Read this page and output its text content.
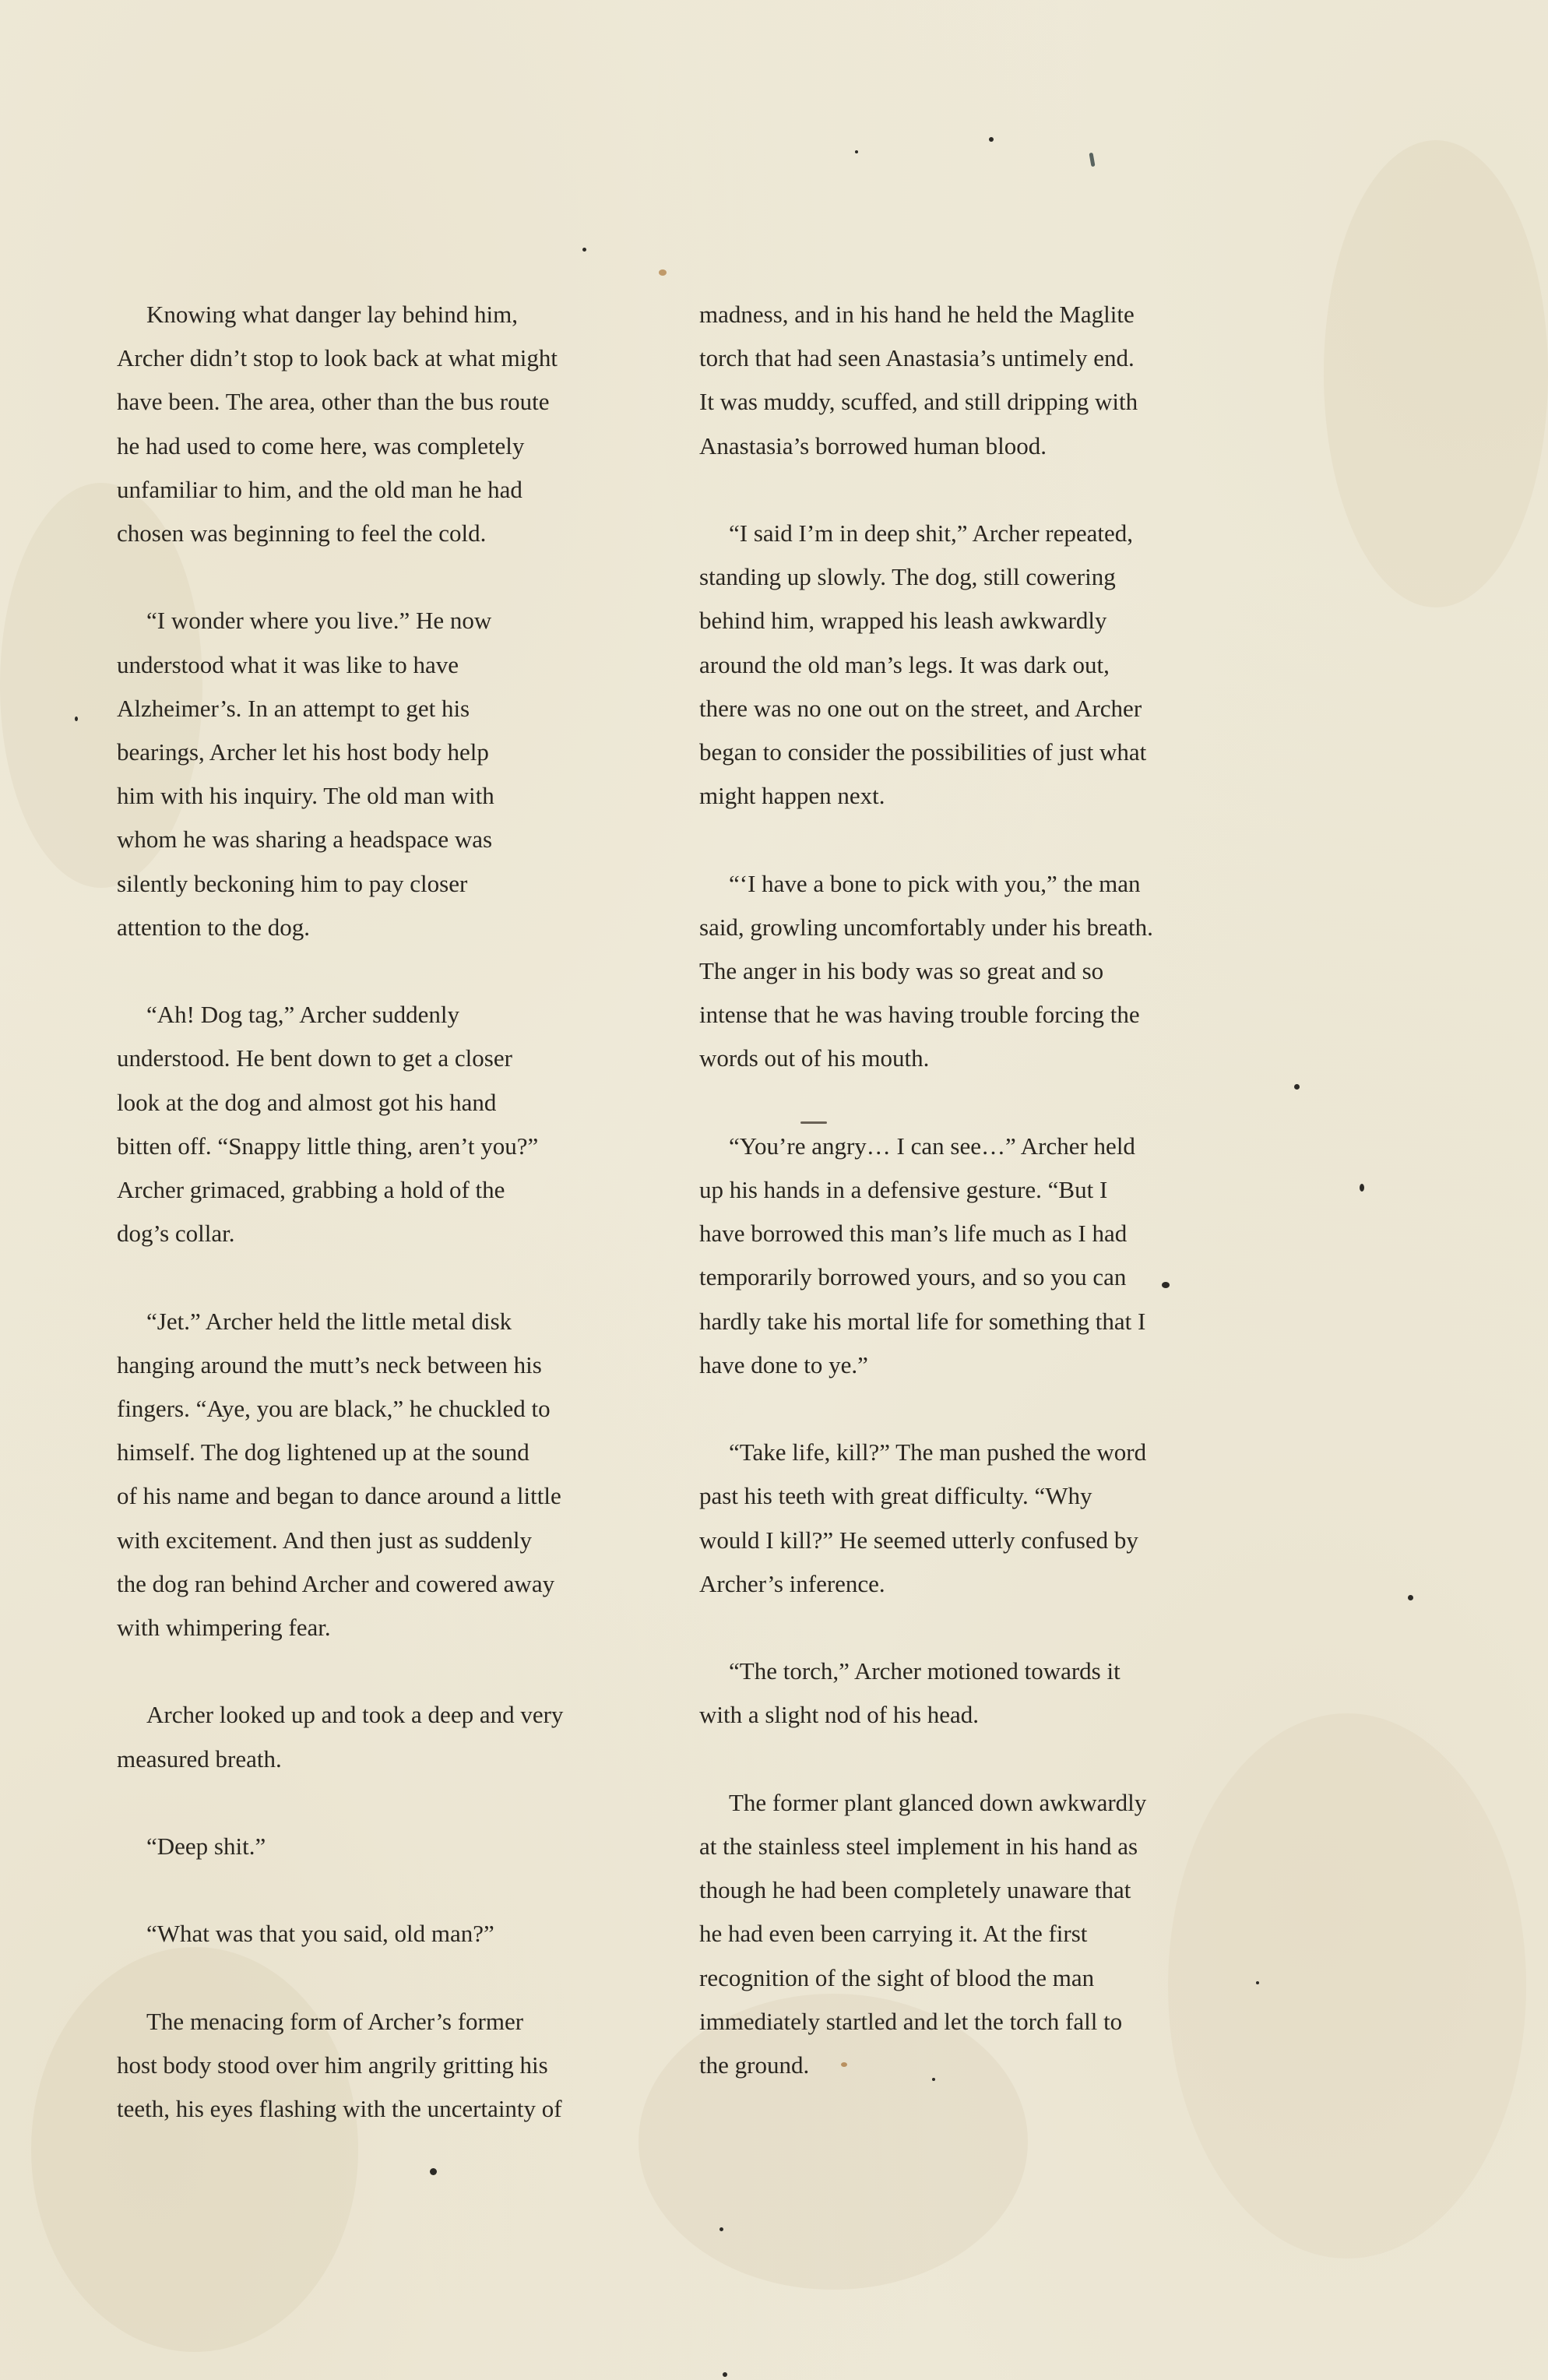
Knowing what danger lay behind him,
Archer didn’t stop to look back at what might
have been. The area, other than the bus route
he had used to come here, was completely
unfamiliar to him, and the old man he had
chosen was beginning to feel the cold.

“I wonder where you live.” He now
understood what it was like to have
Alzheimer’s. In an attempt to get his
bearings, Archer let his host body help
him with his inquiry. The old man with
whom he was sharing a headspace was
silently beckoning him to pay closer
attention to the dog.

“Ah! Dog tag,” Archer suddenly
understood. He bent down to get a closer
look at the dog and almost got his hand
bitten off. “Snappy little thing, aren’t you?”
Archer grimaced, grabbing a hold of the
dog’s collar.

“Jet.” Archer held the little metal disk
hanging around the mutt’s neck between his
fingers. “Aye, you are black,” he chuckled to
himself. The dog lightened up at the sound
of his name and began to dance around a little
with excitement. And then just as suddenly
the dog ran behind Archer and cowered away
with whimpering fear.

Archer looked up and took a deep and very
measured breath.

“Deep shit.”

“What was that you said, old man?”

The menacing form of Archer’s former
host body stood over him angrily gritting his
teeth, his eyes flashing with the uncertainty of

madness, and in his hand he held the Maglite
torch that had seen Anastasia’s untimely end.
It was muddy, scuffed, and still dripping with
Anastasia’s borrowed human blood.

“I said I’m in deep shit,” Archer repeated,
standing up slowly. The dog, still cowering
behind him, wrapped his leash awkwardly
around the old man’s legs. It was dark out,
there was no one out on the street, and Archer
began to consider the possibilities of just what
might happen next.

“‘I have a bone to pick with you,” the man
said, growling uncomfortably under his breath.
The anger in his body was so great and so
intense that he was having trouble forcing the
words out of his mouth.

“You’re angry… I can see…” Archer held
up his hands in a defensive gesture. “But I
have borrowed this man’s life much as I had
temporarily borrowed yours, and so you can
hardly take his mortal life for something that I
have done to ye.”

“Take life, kill?” The man pushed the word
past his teeth with great difficulty. “Why
would I kill?” He seemed utterly confused by
Archer’s inference.

“The torch,” Archer motioned towards it
with a slight nod of his head.

The former plant glanced down awkwardly
at the stainless steel implement in his hand as
though he had been completely unaware that
he had even been carrying it. At the first
recognition of the sight of blood the man
immediately startled and let the torch fall to
the ground.
